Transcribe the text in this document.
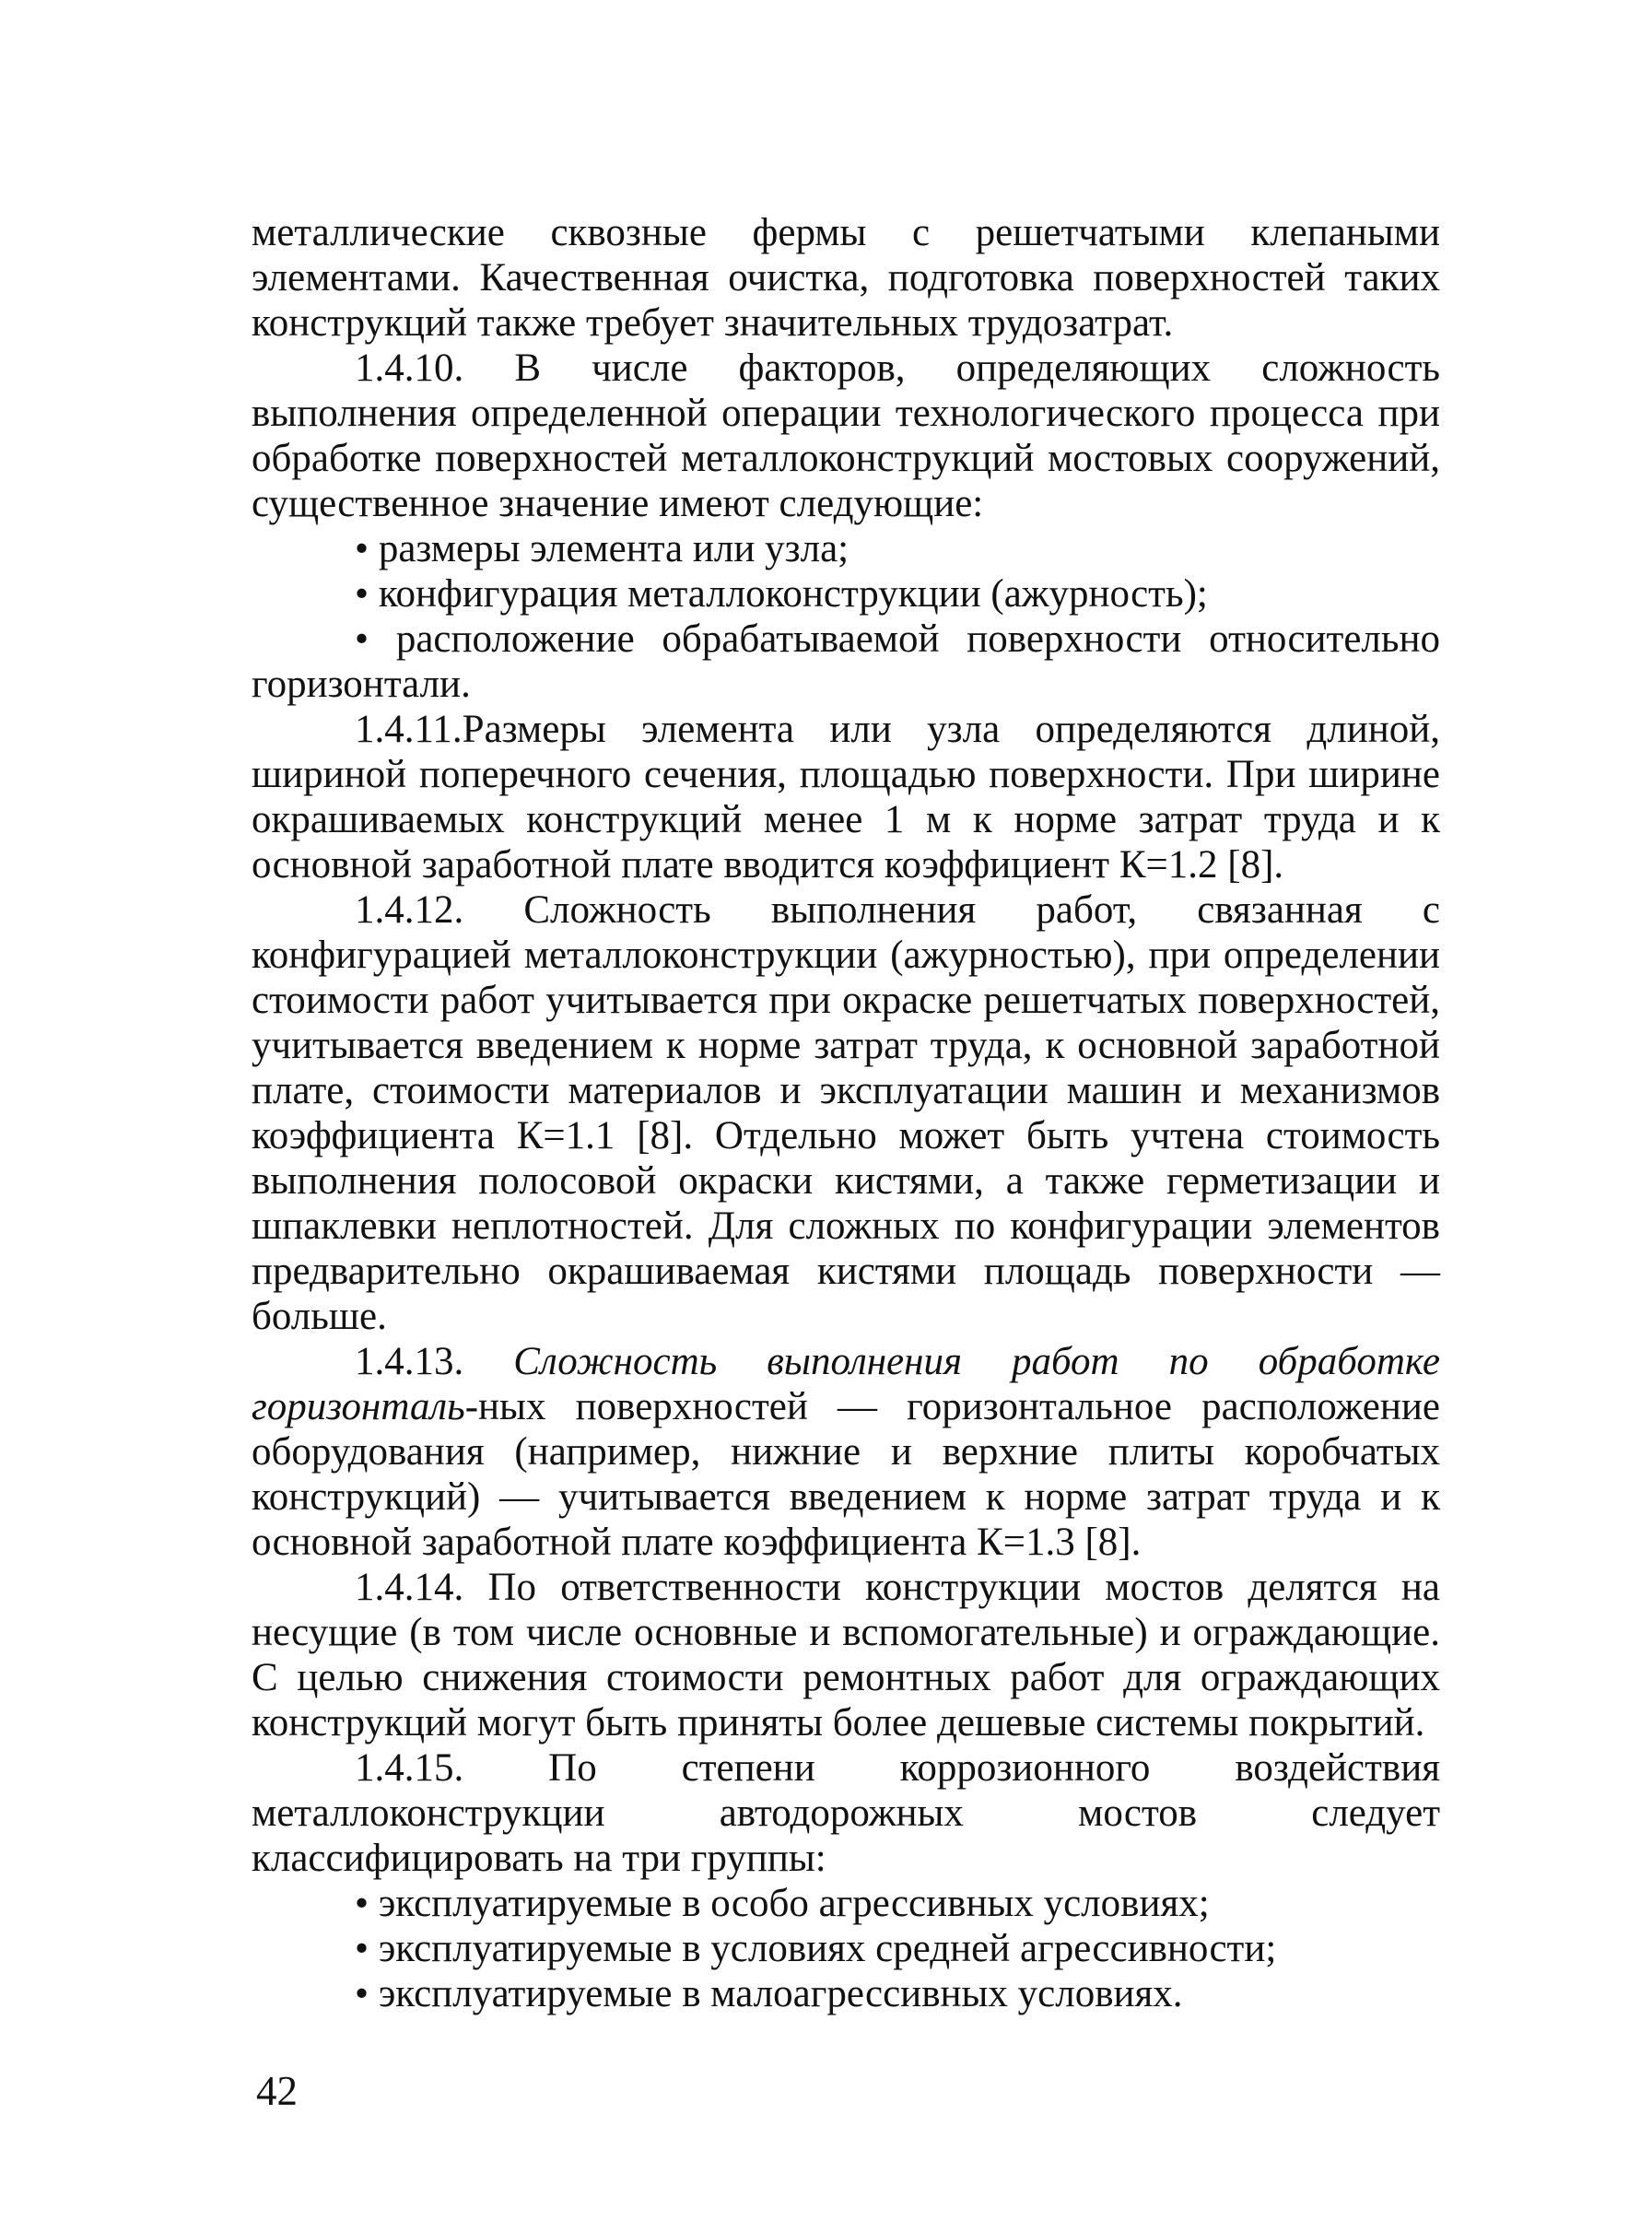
металлические сквозные фермы с решетчатыми клепаными элементами. Качественная очистка, подготовка поверхностей таких конструкций также требует значительных трудозатрат.

1.4.10. В числе факторов, определяющих сложность выполнения определенной операции технологического процесса при обработке поверхностей металлоконструкций мостовых сооружений, существенное значение имеют следующие:

• размеры элемента или узла;

• конфигурация металлоконструкции (ажурность);

• расположение обрабатываемой поверхности относительно горизонтали.

1.4.11.Размеры элемента или узла определяются длиной, шириной поперечного сечения, площадью поверхности. При ширине окрашиваемых конструкций менее 1 м к норме затрат труда и к основной заработной плате вводится коэффициент К=1.2 [8].

1.4.12. Сложность выполнения работ, связанная с конфигурацией металлоконструкции (ажурностью), при определении стоимости работ учитывается при окраске решетчатых поверхностей, учитывается введением к норме затрат труда, к основной заработной плате, стоимости материалов и эксплуатации машин и механизмов коэффициента К=1.1 [8]. Отдельно может быть учтена стоимость выполнения полосовой окраски кистями, а также герметизации и шпаклевки неплотностей. Для сложных по конфигурации элементов предварительно окрашиваемая кистями площадь поверхности — больше.

1.4.13. Сложность выполнения работ по обработке горизонталь-ных поверхностей — горизонтальное расположение оборудования (например, нижние и верхние плиты коробчатых конструкций) — учитывается введением к норме затрат труда и к основной заработной плате коэффициента К=1.3 [8].

1.4.14. По ответственности конструкции мостов делятся на несущие (в том числе основные и вспомогательные) и ограждающие. С целью снижения стоимости ремонтных работ для ограждающих конструкций могут быть приняты более дешевые системы покрытий.

1.4.15. По степени коррозионного воздействия металлоконструкции автодорожных мостов следует классифицировать на три группы:

• эксплуатируемые в особо агрессивных условиях;

• эксплуатируемые в условиях средней агрессивности;

• эксплуатируемые в малоагрессивных условиях.

42
